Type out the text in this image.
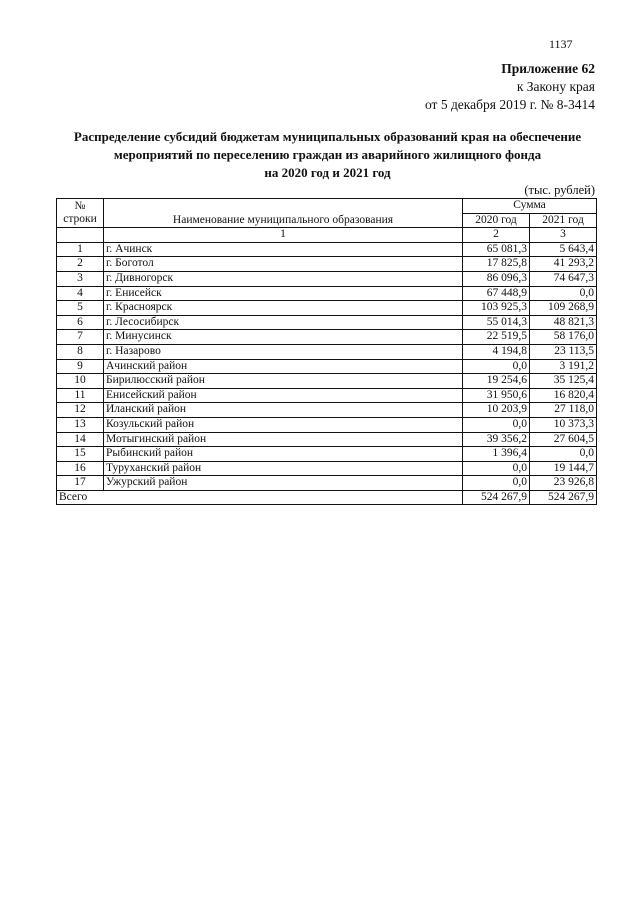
1137
Приложение 62
к Закону края
от 5 декабря 2019 г. № 8-3414
Распределение субсидий бюджетам муниципальных образований края на обеспечение
мероприятий по переселению граждан из аварийного жилищного фонда
на 2020 год и 2021 год
(тыс. рублей)
№
строки	Наименование муниципального образования	Сумма	
		2020 год	2021 год
	1	2	3
1	г. Ачинск	65 081,3	5 643,4
2	г. Боготол	17 825,8	41 293,2
3	г. Дивногорск	86 096,3	74 647,3
4	г. Енисейск	67 448,9	0,0
5	г. Красноярск	103 925,3	109 268,9
6	г. Лесосибирск	55 014,3	48 821,3
7	г. Минусинск	22 519,5	58 176,0
8	г. Назарово	4 194,8	23 113,5
9	Ачинский район	0,0	3 191,2
10	Бирилюсский район	19 254,6	35 125,4
11	Енисейский район	31 950,6	16 820,4
12	Иланский район	10 203,9	27 118,0
13	Козульский район	0,0	10 373,3
14	Мотыгинский район	39 356,2	27 604,5
15	Рыбинский район	1 396,4	0,0
16	Туруханский район	0,0	19 144,7
17	Ужурский район	0,0	23 926,8
Всего		524 267,9	524 267,9
